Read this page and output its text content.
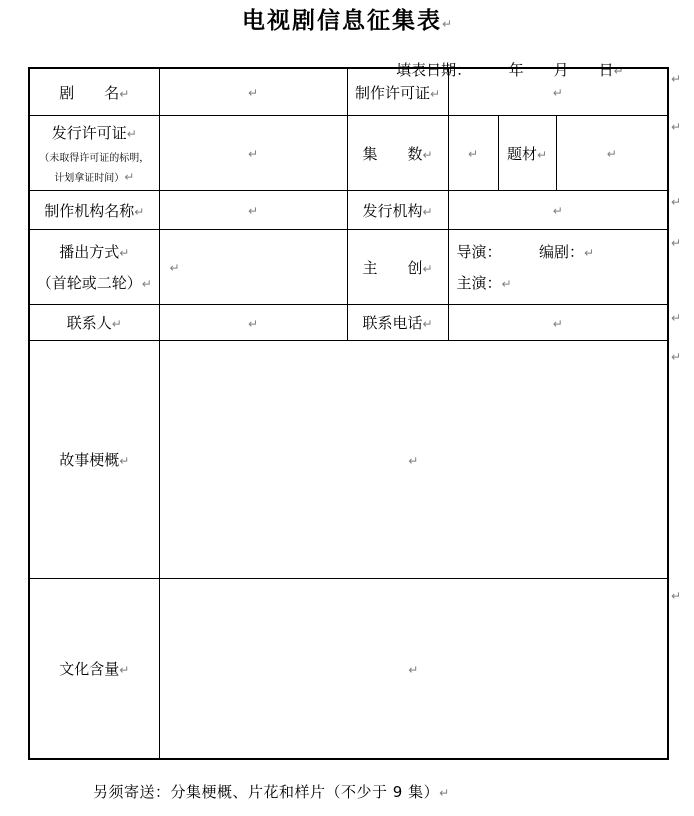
电视剧信息征集表↵

填表日期：　　　年　　月　　日↵

剧　　名↵	↵	制作许可证↵	↵		

发行许可证↵
（未取得许可证的标明，
计划拿证时间）↵	↵	集　　数↵	↵	题材↵	↵
制作机构名称↵	↵	发行机构↵	↵		

播出方式↵
（首轮或二轮）↵
	↵	主　　创↵	
导演：　　　编剧：↵
主演：↵

联系人↵	↵	联系电话↵	↵		
故事梗概↵	↵				
文化含量↵	↵				
↵
↵
↵
↵
↵
↵
↵
另须寄送：分集梗概、片花和样片（不少于 9 集）↵
